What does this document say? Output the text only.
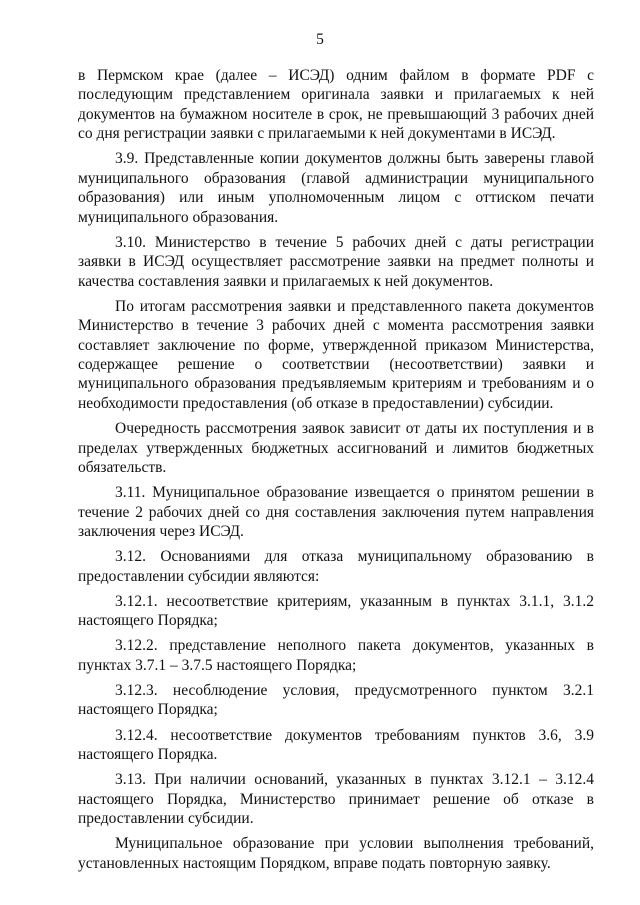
5

в Пермском крае (далее – ИСЭД) одним файлом в формате PDF с последующим представлением оригинала заявки и прилагаемых к ней документов на бумажном носителе в срок, не превышающий 3 рабочих дней со дня регистрации заявки с прилагаемыми к ней документами в ИСЭД.

3.9. Представленные копии документов должны быть заверены главой муниципального образования (главой администрации муниципального образования) или иным уполномоченным лицом с оттиском печати муниципального образования.

3.10. Министерство в течение 5 рабочих дней с даты регистрации заявки в ИСЭД осуществляет рассмотрение заявки на предмет полноты и качества составления заявки и прилагаемых к ней документов.

По итогам рассмотрения заявки и представленного пакета документов Министерство в течение 3 рабочих дней с момента рассмотрения заявки составляет заключение по форме, утвержденной приказом Министерства, содержащее решение о соответствии (несоответствии) заявки и муниципального образования предъявляемым критериям и требованиям и о необходимости предоставления (об отказе в предоставлении) субсидии.

Очередность рассмотрения заявок зависит от даты их поступления и в пределах утвержденных бюджетных ассигнований и лимитов бюджетных обязательств.

3.11. Муниципальное образование извещается о принятом решении в течение 2 рабочих дней со дня составления заключения путем направления заключения через ИСЭД.

3.12. Основаниями для отказа муниципальному образованию в предоставлении субсидии являются:

3.12.1. несоответствие критериям, указанным в пунктах 3.1.1, 3.1.2 настоящего Порядка;

3.12.2. представление неполного пакета документов, указанных в пунктах 3.7.1 – 3.7.5 настоящего Порядка;

3.12.3. несоблюдение условия, предусмотренного пунктом 3.2.1 настоящего Порядка;

3.12.4. несоответствие документов требованиям пунктов 3.6, 3.9 настоящего Порядка.

3.13. При наличии оснований, указанных в пунктах 3.12.1 – 3.12.4 настоящего Порядка, Министерство принимает решение об отказе в предоставлении субсидии.

Муниципальное образование при условии выполнения требований, установленных настоящим Порядком, вправе подать повторную заявку.
